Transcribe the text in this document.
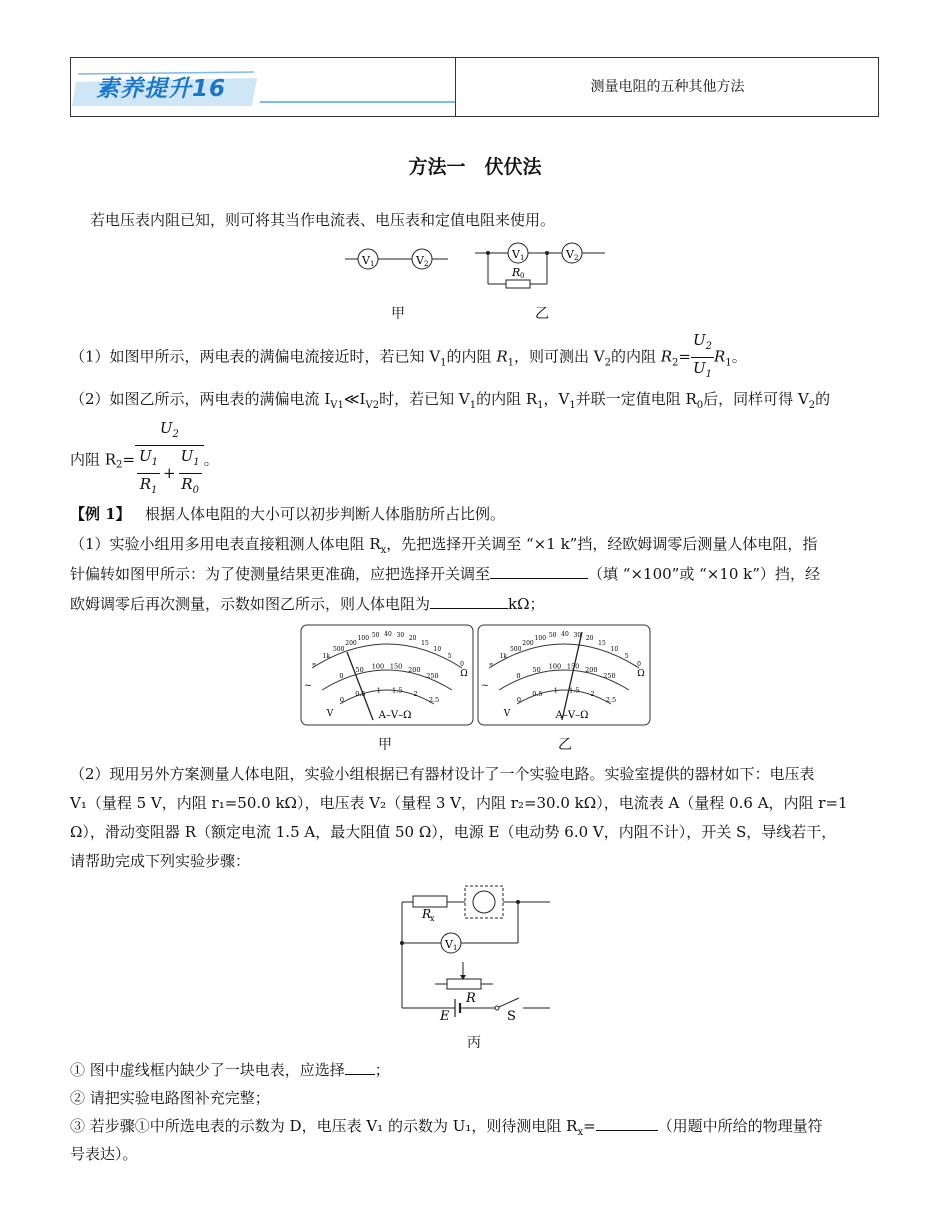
素养提升16	测量电阻的五种其他方法
方法一　伏伏法
若电压表内阻已知，则可将其当作电流表、电压表和定值电阻来使用。
V 1	V 2
V 1	V 2
R 0
甲	乙
（1）如图甲所示，两电表的满偏电流接近时，若已知 $V_1$的内阻 $R_1$，则可测出 $V_2$的内阻 $R_2= \frac{U_2}{U_1} R_1$。
（2）如图乙所示，两电表的满偏电流 $I_{V1}≪I_{V2}$时，若已知 $V_1$的内阻 $R_1$，$V_1$并联一定值电阻 $R_0$后，同样可得 $V_2$的
内阻 $R_2= \frac{U_2}{\frac{U_1}{R_1} + \frac{U_1}{R_0}}$ 。
【例 1】 根据人体电阻的大小可以初步判断人体脂肪所占比例。
（1）实验小组用多用电表直接粗测人体电阻 $R_x$，先把选择开关调至 “×1 k”挡，经欧姆调零后测量人体电阻，指
针偏转如图甲所示：为了使测量结果更准确，应把选择开关调至	（填 “×100”或 “×10 k”）挡，经
欧姆调零后再次测量，示数如图乙所示，则人体电阻为	kΩ；
∞
1k
500
200
100 50 40 30 20
15
10
5
0
0
50 100 150 200
250
0
0.5 1 1.5 2
2.5
A–V–Ω
Ω
~
V
∞
1k
500
200
100 50 40 30 20
15
10
5
0
0
50 100 150 200
250
0
0.5 1 1.5 2
2.5
A–V–Ω
Ω
~
V
甲	乙
（2）现用另外方案测量人体电阻，实验小组根据已有器材设计了一个实验电路。实验室提供的器材如下：电压表
V₁（量程 5 V，内阻 r₁=50.0 kΩ），电压表 V₂（量程 3 V，内阻 r₂=30.0 kΩ），电流表 A（量程 0.6 A，内阻 r=1
Ω），滑动变阻器 R（额定电流 1.5 A，最大阻值 50 Ω），电源 E（电动势 6.0 V，内阻不计），开关 S，导线若干，
请帮助完成下列实验步骤：
R
x
V 1
R
E	S
丙
① 图中虚线框内缺少了一块电表，应选择 ；
② 请把实验电路图补充完整；
③ 若步骤①中所选电表的示数为 D，电压表 V₁ 的示数为 U₁，则待测电阻 $R_x=$	（用题中所给的物理量符
号表达）。
